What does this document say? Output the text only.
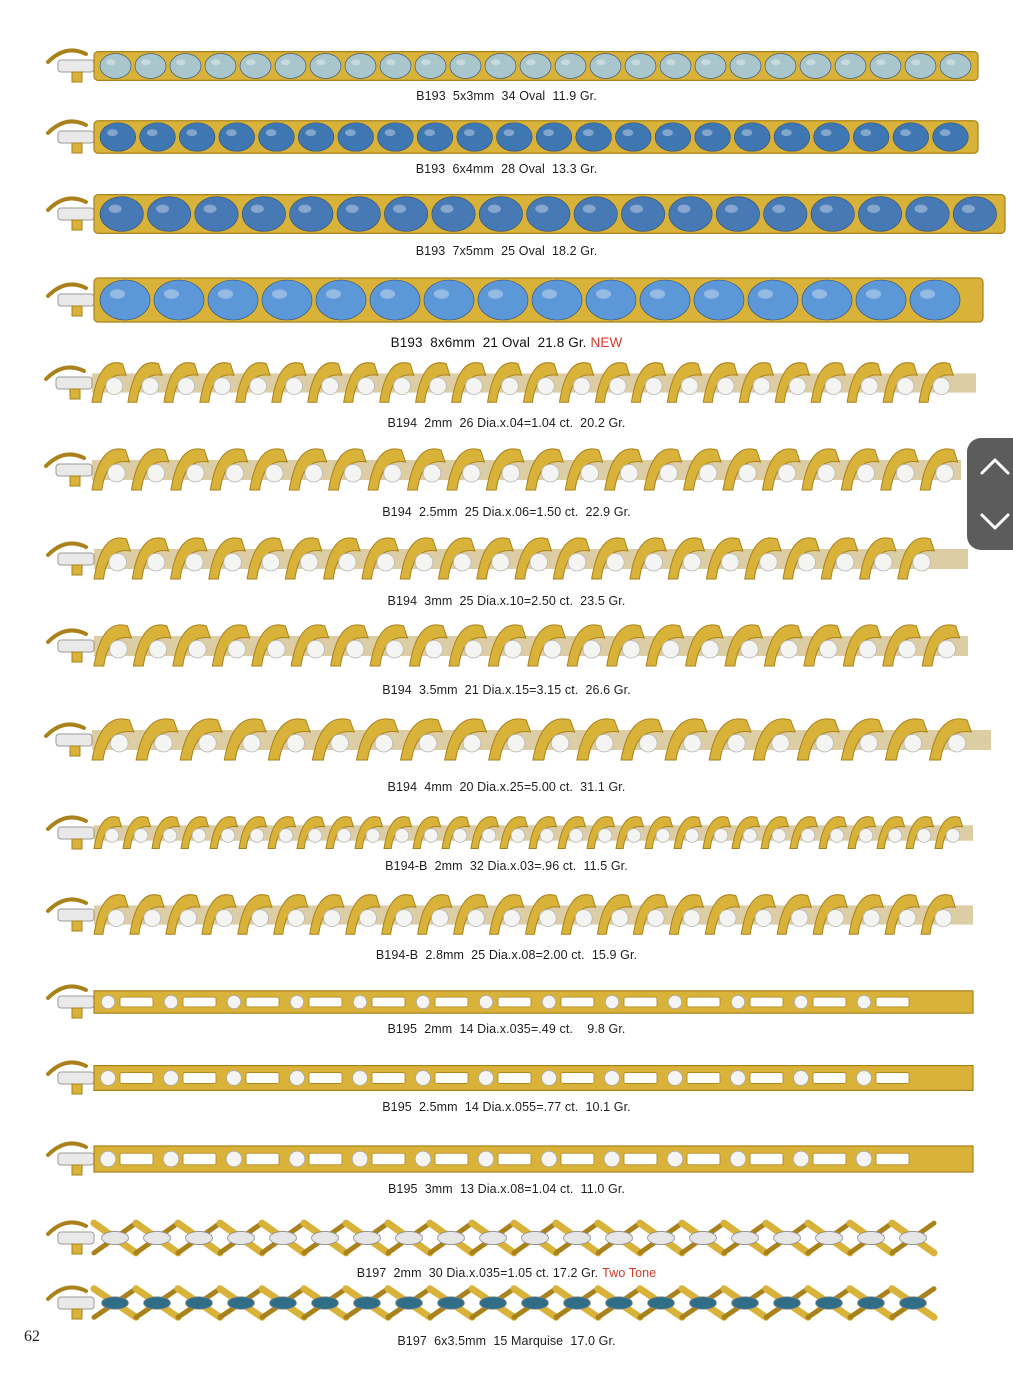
B193  5x3mm  34 Oval  11.9 Gr.
B193  6x4mm  28 Oval  13.3 Gr.
B193  7x5mm  25 Oval  18.2 Gr.
B193  8x6mm  21 Oval  21.8 Gr. NEW
B194  2mm  26 Dia.x.04=1.04 ct.  20.2 Gr.
B194  2.5mm  25 Dia.x.06=1.50 ct.  22.9 Gr.
B194  3mm  25 Dia.x.10=2.50 ct.  23.5 Gr.
B194  3.5mm  21 Dia.x.15=3.15 ct.  26.6 Gr.
B194  4mm  20 Dia.x.25=5.00 ct.  31.1 Gr.
B194-B  2mm  32 Dia.x.03=.96 ct.  11.5 Gr.
B194-B  2.8mm  25 Dia.x.08=2.00 ct.  15.9 Gr.
B195  2mm  14 Dia.x.035=.49 ct.    9.8 Gr.
B195  2.5mm  14 Dia.x.055=.77 ct.  10.1 Gr.
B195  3mm  13 Dia.x.08=1.04 ct.  11.0 Gr.
B197  2mm  30 Dia.x.035=1.05 ct. 17.2 Gr. Two Tone
B197  6x3.5mm  15 Marquise  17.0 Gr.
62
